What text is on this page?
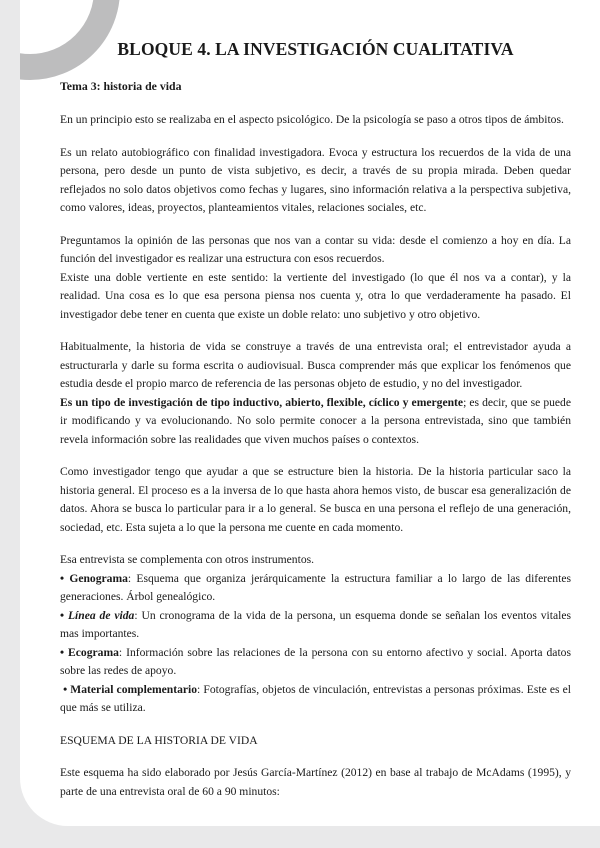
BLOQUE 4. LA INVESTIGACIÓN CUALITATIVA
Tema 3: historia de vida

En un principio esto se realizaba en el aspecto psicológico. De la psicología se paso a otros tipos de ámbitos.

Es un relato autobiográfico con finalidad investigadora. Evoca y estructura los recuerdos de la vida de una persona, pero desde un punto de vista subjetivo, es decir, a través de su propia mirada. Deben quedar reflejados no solo datos objetivos como fechas y lugares, sino información relativa a la perspectiva subjetiva, como valores, ideas, proyectos, planteamientos vitales, relaciones sociales, etc.

Preguntamos la opinión de las personas que nos van a contar su vida: desde el comienzo a hoy en día. La función del investigador es realizar una estructura con esos recuerdos.

Existe una doble vertiente en este sentido: la vertiente del investigado (lo que él nos va a contar), y la realidad. Una cosa es lo que esa persona piensa nos cuenta y, otra lo que verdaderamente ha pasado. El investigador debe tener en cuenta que existe un doble relato: uno subjetivo y otro objetivo.

Habitualmente, la historia de vida se construye a través de una entrevista oral; el entrevistador ayuda a estructurarla y darle su forma escrita o audiovisual. Busca comprender más que explicar los fenómenos que estudia desde el propio marco de referencia de las personas objeto de estudio, y no del investigador.

Es un tipo de investigación de tipo inductivo, abierto, flexible, cíclico y emergente; es decir, que se puede ir modificando y va evolucionando. No solo permite conocer a la persona entrevistada, sino que también revela información sobre las realidades que viven muchos países o contextos.

Como investigador tengo que ayudar a que se estructure bien la historia. De la historia particular saco la historia general. El proceso es a la inversa de lo que hasta ahora hemos visto, de buscar esa generalización de datos. Ahora se busca lo particular para ir a lo general. Se busca en una persona el reflejo de una generación, sociedad, etc. Esta sujeta a lo que la persona me cuente en cada momento.

Esa entrevista se complementa con otros instrumentos.

• Genograma: Esquema que organiza jerárquicamente la estructura familiar a lo largo de las diferentes generaciones. Árbol genealógico.

• Línea de vida: Un cronograma de la vida de la persona, un esquema donde se señalan los eventos vitales mas importantes.

• Ecograma: Información sobre las relaciones de la persona con su entorno afectivo y social. Aporta datos sobre las redes de apoyo.

• Material complementario: Fotografías, objetos de vinculación, entrevistas a personas próximas. Este es el que más se utiliza.

ESQUEMA DE LA HISTORIA DE VIDA

Este esquema ha sido elaborado por Jesús García-Martínez (2012) en base al trabajo de McAdams (1995), y parte de una entrevista oral de 60 a 90 minutos:
